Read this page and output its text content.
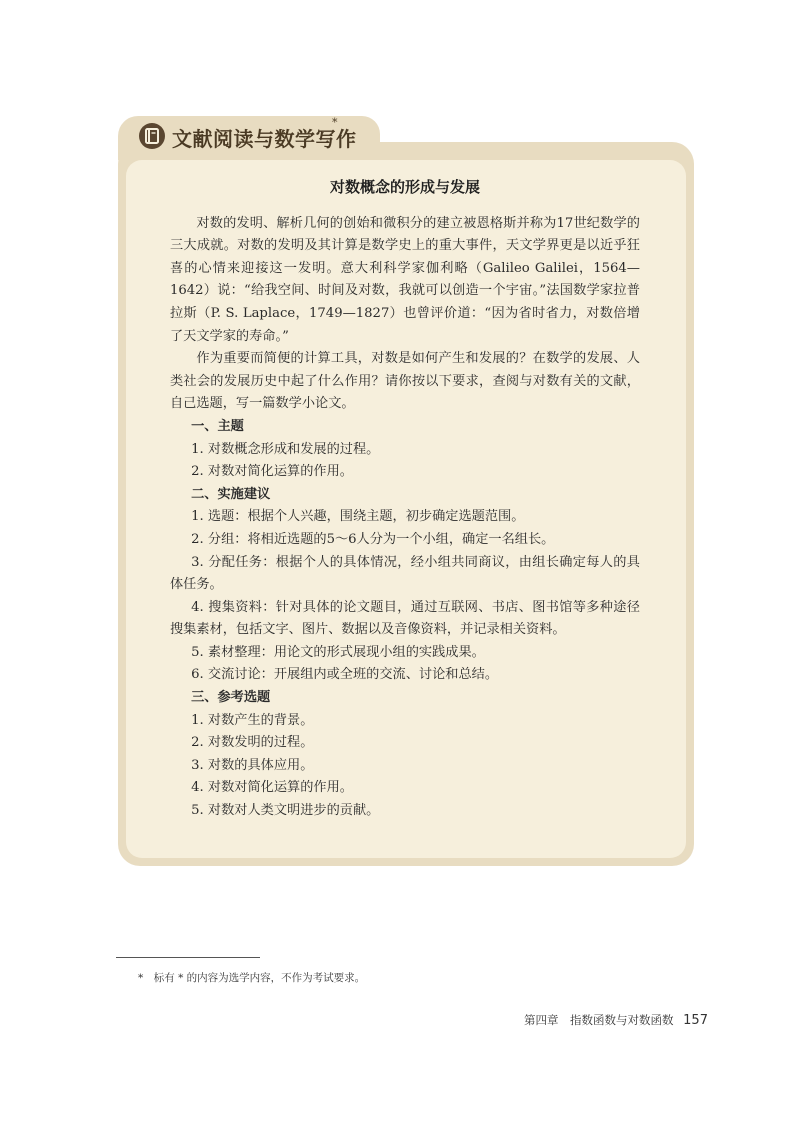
文献阅读与数学写作
*

对数概念的形成与发展

对数的发明、解析几何的创始和微积分的建立被恩格斯并称为17世纪数学的三大成就。对数的发明及其计算是数学史上的重大事件，天文学界更是以近乎狂喜的心情来迎接这一发明。意大利科学家伽利略（Galileo Galilei，1564—1642）说：“给我空间、时间及对数，我就可以创造一个宇宙。”法国数学家拉普拉斯（P. S. Laplace，1749—1827）也曾评价道：“因为省时省力，对数倍增了天文学家的寿命。”

作为重要而简便的计算工具，对数是如何产生和发展的？在数学的发展、人类社会的发展历史中起了什么作用？请你按以下要求，查阅与对数有关的文献，自己选题，写一篇数学小论文。

一、主题

1. 对数概念形成和发展的过程。

2. 对数对简化运算的作用。

二、实施建议

1. 选题：根据个人兴趣，围绕主题，初步确定选题范围。

2. 分组：将相近选题的5～6人分为一个小组，确定一名组长。

3. 分配任务：根据个人的具体情况，经小组共同商议，由组长确定每人的具体任务。

4. 搜集资料：针对具体的论文题目，通过互联网、书店、图书馆等多种途径搜集素材，包括文字、图片、数据以及音像资料，并记录相关资料。

5. 素材整理：用论文的形式展现小组的实践成果。

6. 交流讨论：开展组内或全班的交流、讨论和总结。

三、参考选题

1. 对数产生的背景。

2. 对数发明的过程。

3. 对数的具体应用。

4. 对数对简化运算的作用。

5. 对数对人类文明进步的贡献。

*　标有 * 的内容为选学内容，不作为考试要求。
第四章　指数函数与对数函数 157
